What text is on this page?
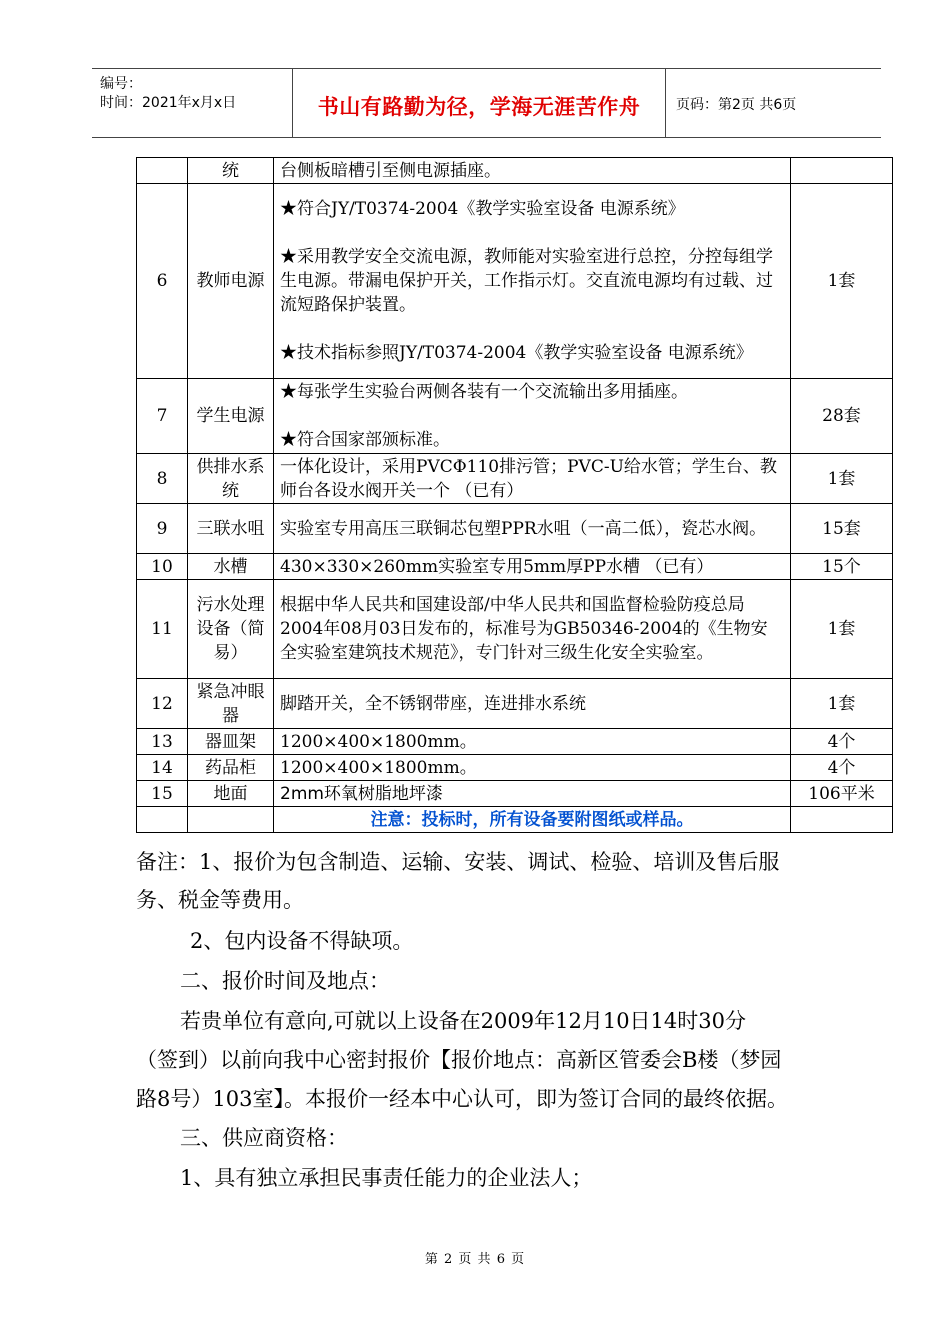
编号：
时间：2021年x月x日	书山有路勤为径，学海无涯苦作舟	页码：第2页 共6页
	统	台侧板暗槽引至侧电源插座。	

6	教师电源	★符合JY/T0374-2004《教学实验室设备 电源系统》

★采用教学安全交流电源，教师能对实验室进行总控，分控每组学生电源。带漏电保护开关，工作指示灯。交直流电源均有过载、过流短路保护装置。

★技术指标参照JY/T0374-2004《教学实验室设备 电源系统》	1套
7	学生电源	★每张学生实验台两侧各装有一个交流输出多用插座。

★符合国家部颁标准。	28套
8	供排水系统	一体化设计，采用PVCΦ110排污管；PVC-U给水管；学生台、教师台各设水阀开关一个 （已有）	1套
9	三联水咀	实验室专用高压三联铜芯包塑PPR水咀（一高二低），瓷芯水阀。	15套
10	水槽	430×330×260mm实验室专用5mm厚PP水槽 （已有）	15个
11	污水处理设备（简易）	根据中华人民共和国建设部/中华人民共和国监督检验防疫总局2004年08月03日发布的，标准号为GB50346-2004的《生物安全实验室建筑技术规范》，专门针对三级生化安全实验室。	1套
12	紧急冲眼器	脚踏开关，全不锈钢带座，连进排水系统	1套
13	器皿架	1200×400×1800mm。	4个
14	药品柜	1200×400×1800mm。	4个
15	地面	2mm环氧树脂地坪漆	106平米
		注意：投标时，所有设备要附图纸或样品。	
备注：1、报价为包含制造、运输、安装、调试、检验、培训及售后服
务、税金等费用。
2、包内设备不得缺项。
二、报价时间及地点：
若贵单位有意向,可就以上设备在2009年12月10日14时30分
（签到）以前向我中心密封报价【报价地点：高新区管委会B楼（梦园
路8号）103室】。本报价一经本中心认可，即为签订合同的最终依据。
三、供应商资格：
1、具有独立承担民事责任能力的企业法人；
第 2 页 共 6 页
